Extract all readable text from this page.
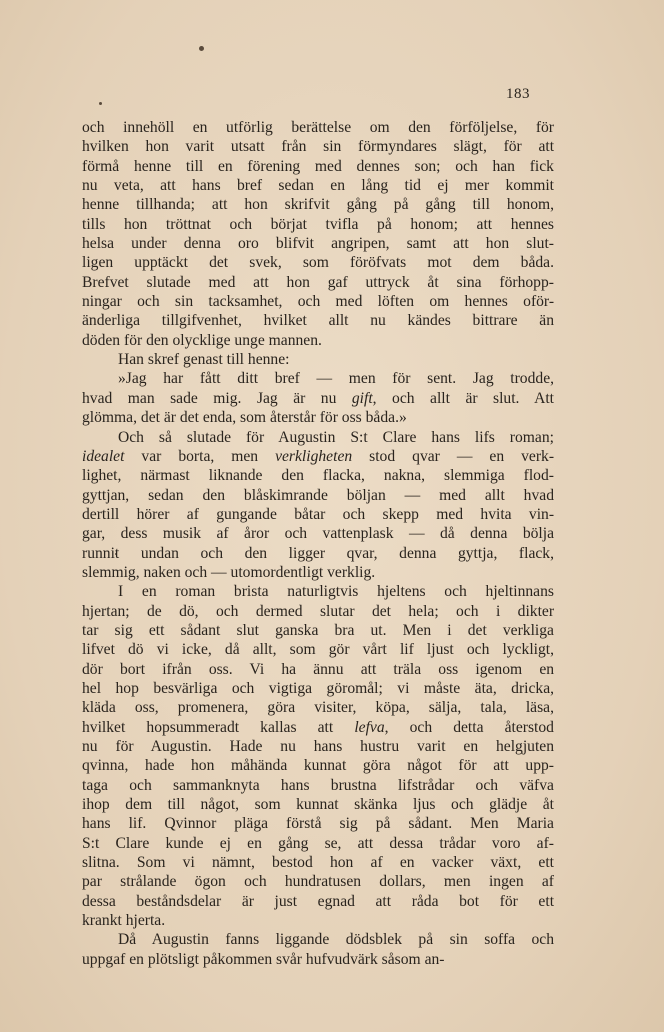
183
och innehöll en utförlig berättelse om den förföljelse, för
hvilken hon varit utsatt från sin förmyndares slägt, för att
förmå henne till en förening med dennes son; och han fick
nu veta, att hans bref sedan en lång tid ej mer kommit
henne tillhanda; att hon skrifvit gång på gång till honom,
tills hon tröttnat och börjat tvifla på honom; att hennes
helsa under denna oro blifvit angripen, samt att hon slut-
ligen upptäckt det svek, som föröfvats mot dem båda.
Brefvet slutade med att hon gaf uttryck åt sina förhopp-
ningar och sin tacksamhet, och med löften om hennes oför-
änderliga tillgifvenhet, hvilket allt nu kändes bittrare än
döden för den olycklige unge mannen.
Han skref genast till henne:
»Jag har fått ditt bref — men för sent. Jag trodde,
hvad man sade mig. Jag är nu gift, och allt är slut. Att
glömma, det är det enda, som återstår för oss båda.»
Och så slutade för Augustin S:t Clare hans lifs roman;
idealet var borta, men verkligheten stod qvar — en verk-
lighet, närmast liknande den flacka, nakna, slemmiga flod-
gyttjan, sedan den blåskimrande böljan — med allt hvad
dertill hörer af gungande båtar och skepp med hvita vin-
gar, dess musik af åror och vattenplask — då denna bölja
runnit undan och den ligger qvar, denna gyttja, flack,
slemmig, naken och — utomordentligt verklig.
I en roman brista naturligtvis hjeltens och hjeltinnans
hjertan; de dö, och dermed slutar det hela; och i dikter
tar sig ett sådant slut ganska bra ut. Men i det verkliga
lifvet dö vi icke, då allt, som gör vårt lif ljust och lyckligt,
dör bort ifrån oss. Vi ha ännu att träla oss igenom en
hel hop besvärliga och vigtiga göromål; vi måste äta, dricka,
kläda oss, promenera, göra visiter, köpa, sälja, tala, läsa,
hvilket hopsummeradt kallas att lefva, och detta återstod
nu för Augustin. Hade nu hans hustru varit en helgjuten
qvinna, hade hon måhända kunnat göra något för att upp-
taga och sammanknyta hans brustna lifstrådar och väfva
ihop dem till något, som kunnat skänka ljus och glädje åt
hans lif. Qvinnor pläga förstå sig på sådant. Men Maria
S:t Clare kunde ej en gång se, att dessa trådar voro af-
slitna. Som vi nämnt, bestod hon af en vacker växt, ett
par strålande ögon och hundratusen dollars, men ingen af
dessa beståndsdelar är just egnad att råda bot för ett
krankt hjerta.
Då Augustin fanns liggande dödsblek på sin soffa och
uppgaf en plötsligt påkommen svår hufvudvärk såsom an-
